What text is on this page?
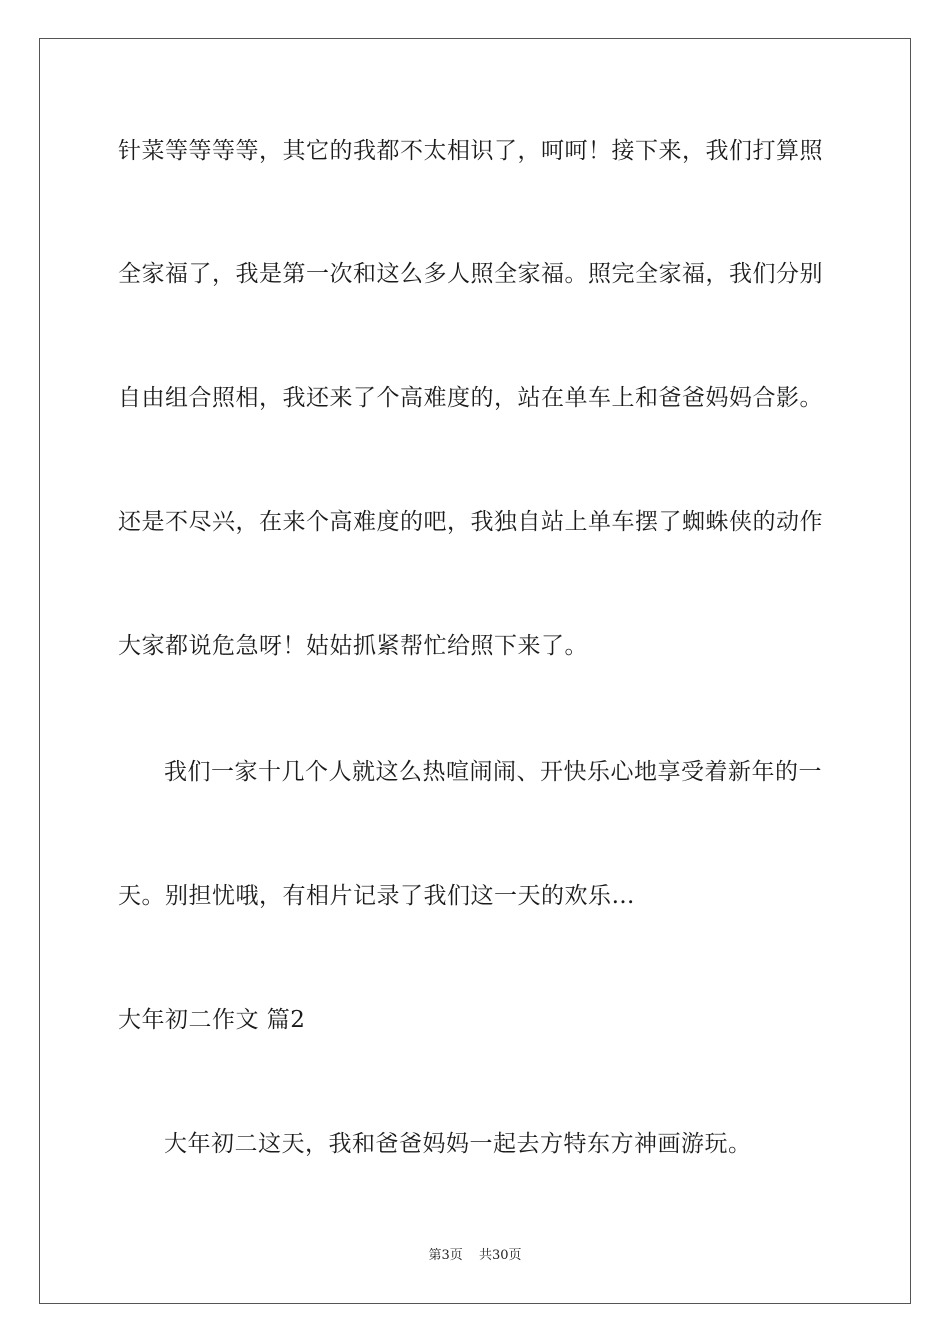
针菜等等等等，其它的我都不太相识了，呵呵！接下来，我们打算照
全家福了，我是第一次和这么多人照全家福。照完全家福，我们分别
自由组合照相，我还来了个高难度的，站在单车上和爸爸妈妈合影。
还是不尽兴，在来个高难度的吧，我独自站上单车摆了蜘蛛侠的动作
大家都说危急呀！姑姑抓紧帮忙给照下来了。
我们一家十几个人就这么热喧闹闹、开快乐心地享受着新年的一
天。别担忧哦，有相片记录了我们这一天的欢乐…
大年初二作文 篇2
大年初二这天，我和爸爸妈妈一起去方特东方神画游玩。
第3页 共30页
